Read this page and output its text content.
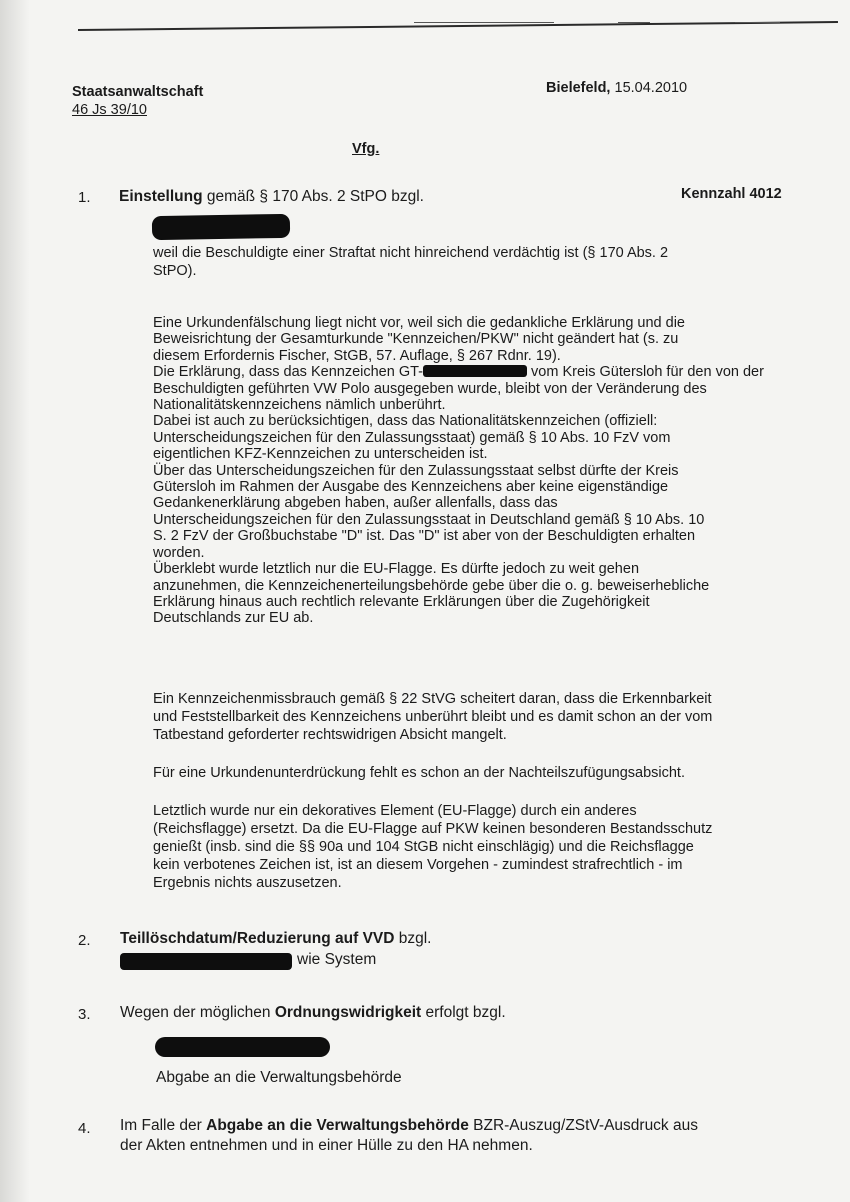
Staatsanwaltschaft
46 Js 39/10
Bielefeld, 15.04.2010
Vfg.
1. Einstellung gemäß § 170 Abs. 2 StPO bzgl.	Kennzahl 4012
weil die Beschuldigte einer Straftat nicht hinreichend verdächtig ist (§ 170 Abs. 2
StPO).
Eine Urkundenfälschung liegt nicht vor, weil sich die gedankliche Erklärung und die
Beweisrichtung der Gesamturkunde "Kennzeichen/PKW" nicht geändert hat (s. zu
diesem Erfordernis Fischer, StGB, 57. Auflage, § 267 Rdnr. 19).
Die Erklärung, dass das Kennzeichen GT-	vom Kreis Gütersloh für den von der
Beschuldigten geführten VW Polo ausgegeben wurde, bleibt von der Veränderung des
Nationalitätskennzeichens nämlich unberührt.
Dabei ist auch zu berücksichtigen, dass das Nationalitätskennzeichen (offiziell:
Unterscheidungszeichen für den Zulassungsstaat) gemäß § 10 Abs. 10 FzV vom
eigentlichen KFZ-Kennzeichen zu unterscheiden ist.
Über das Unterscheidungszeichen für den Zulassungsstaat selbst dürfte der Kreis
Gütersloh im Rahmen der Ausgabe des Kennzeichens aber keine eigenständige
Gedankenerklärung abgeben haben, außer allenfalls, dass das
Unterscheidungszeichen für den Zulassungsstaat in Deutschland gemäß § 10 Abs. 10
S. 2 FzV der Großbuchstabe "D" ist. Das "D" ist aber von der Beschuldigten erhalten
worden.
Überklebt wurde letztlich nur die EU-Flagge. Es dürfte jedoch zu weit gehen
anzunehmen, die Kennzeichenerteilungsbehörde gebe über die o. g. beweiserhebliche
Erklärung hinaus auch rechtlich relevante Erklärungen über die Zugehörigkeit
Deutschlands zur EU ab.
Ein Kennzeichenmissbrauch gemäß § 22 StVG scheitert daran, dass die Erkennbarkeit
und Feststellbarkeit des Kennzeichens unberührt bleibt und es damit schon an der vom
Tatbestand geforderter rechtswidrigen Absicht mangelt.
Für eine Urkundenunterdrückung fehlt es schon an der Nachteilszufügungsabsicht.
Letztlich wurde nur ein dekoratives Element (EU-Flagge) durch ein anderes
(Reichsflagge) ersetzt. Da die EU-Flagge auf PKW keinen besonderen Bestandsschutz
genießt (insb. sind die §§ 90a und 104 StGB nicht einschlägig) und die Reichsflagge
kein verbotenes Zeichen ist, ist an diesem Vorgehen - zumindest strafrechtlich - im
Ergebnis nichts auszusetzen.
2. Teillöschdatum/Reduzierung auf VVD bzgl.
wie System
3. Wegen der möglichen Ordnungswidrigkeit erfolgt bzgl.
Abgabe an die Verwaltungsbehörde
4. Im Falle der Abgabe an die Verwaltungsbehörde BZR-Auszug/ZStV-Ausdruck aus
der Akten entnehmen und in einer Hülle zu den HA nehmen.
